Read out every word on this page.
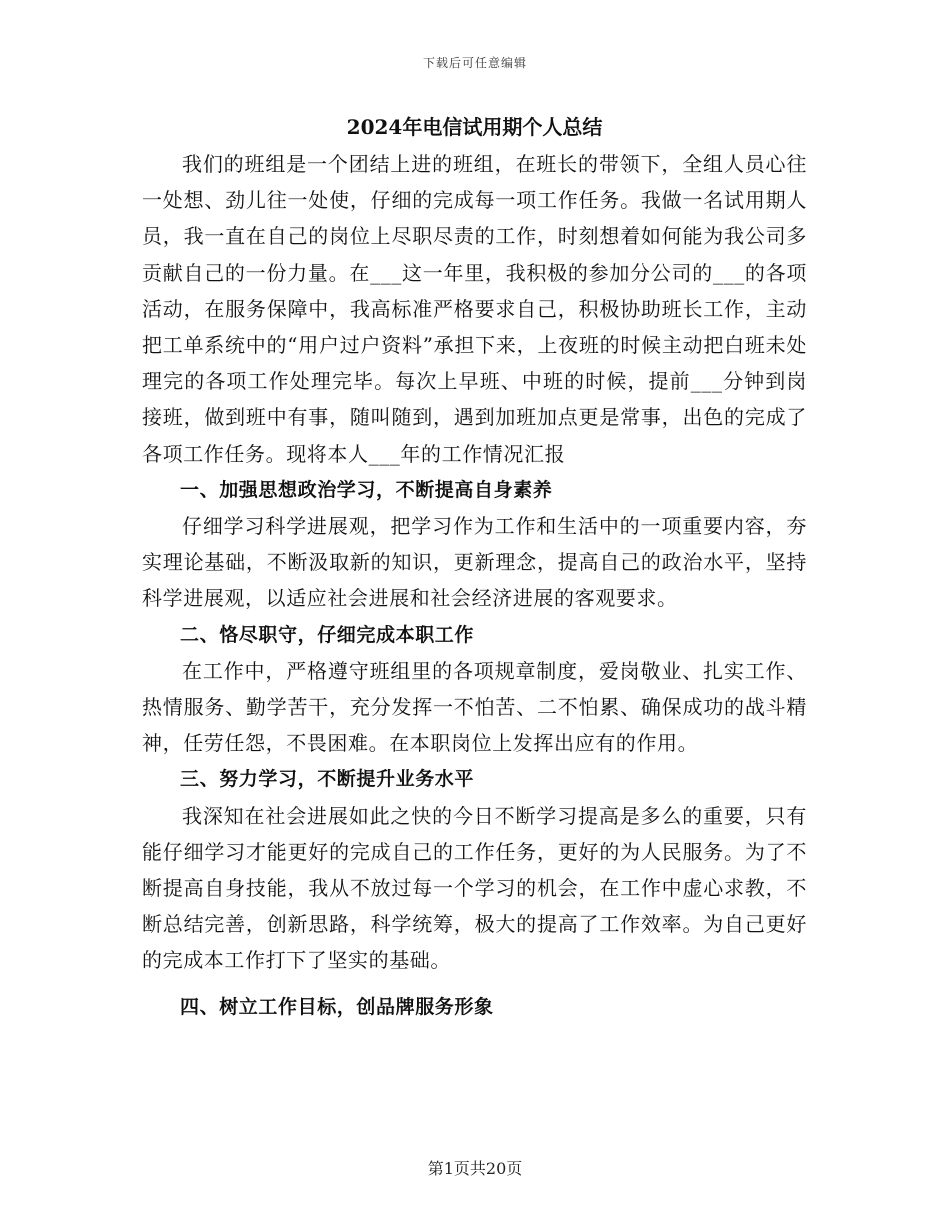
下载后可任意编辑
2024年电信试用期个人总结

我们的班组是一个团结上进的班组，在班长的带领下，全组人员心往一处想、劲儿往一处使，仔细的完成每一项工作任务。我做一名试用期人员，我一直在自己的岗位上尽职尽责的工作，时刻想着如何能为我公司多贡献自己的一份力量。在___这一年里，我积极的参加分公司的___的各项活动，在服务保障中，我高标准严格要求自己，积极协助班长工作，主动把工单系统中的“用户过户资料”承担下来，上夜班的时候主动把白班未处理完的各项工作处理完毕。每次上早班、中班的时候，提前___分钟到岗接班，做到班中有事，随叫随到，遇到加班加点更是常事，出色的完成了各项工作任务。现将本人___年的工作情况汇报

一、加强思想政治学习，不断提高自身素养

仔细学习科学进展观，把学习作为工作和生活中的一项重要内容，夯实理论基础，不断汲取新的知识，更新理念，提高自己的政治水平，坚持科学进展观，以适应社会进展和社会经济进展的客观要求。

二、恪尽职守，仔细完成本职工作

在工作中，严格遵守班组里的各项规章制度，爱岗敬业、扎实工作、热情服务、勤学苦干，充分发挥一不怕苦、二不怕累、确保成功的战斗精神，任劳任怨，不畏困难。在本职岗位上发挥出应有的作用。

三、努力学习，不断提升业务水平

我深知在社会进展如此之快的今日不断学习提高是多么的重要，只有能仔细学习才能更好的完成自己的工作任务，更好的为人民服务。为了不断提高自身技能，我从不放过每一个学习的机会，在工作中虚心求教，不断总结完善，创新思路，科学统筹，极大的提高了工作效率。为自己更好的完成本工作打下了坚实的基础。

四、树立工作目标，创品牌服务形象
第1页共20页
